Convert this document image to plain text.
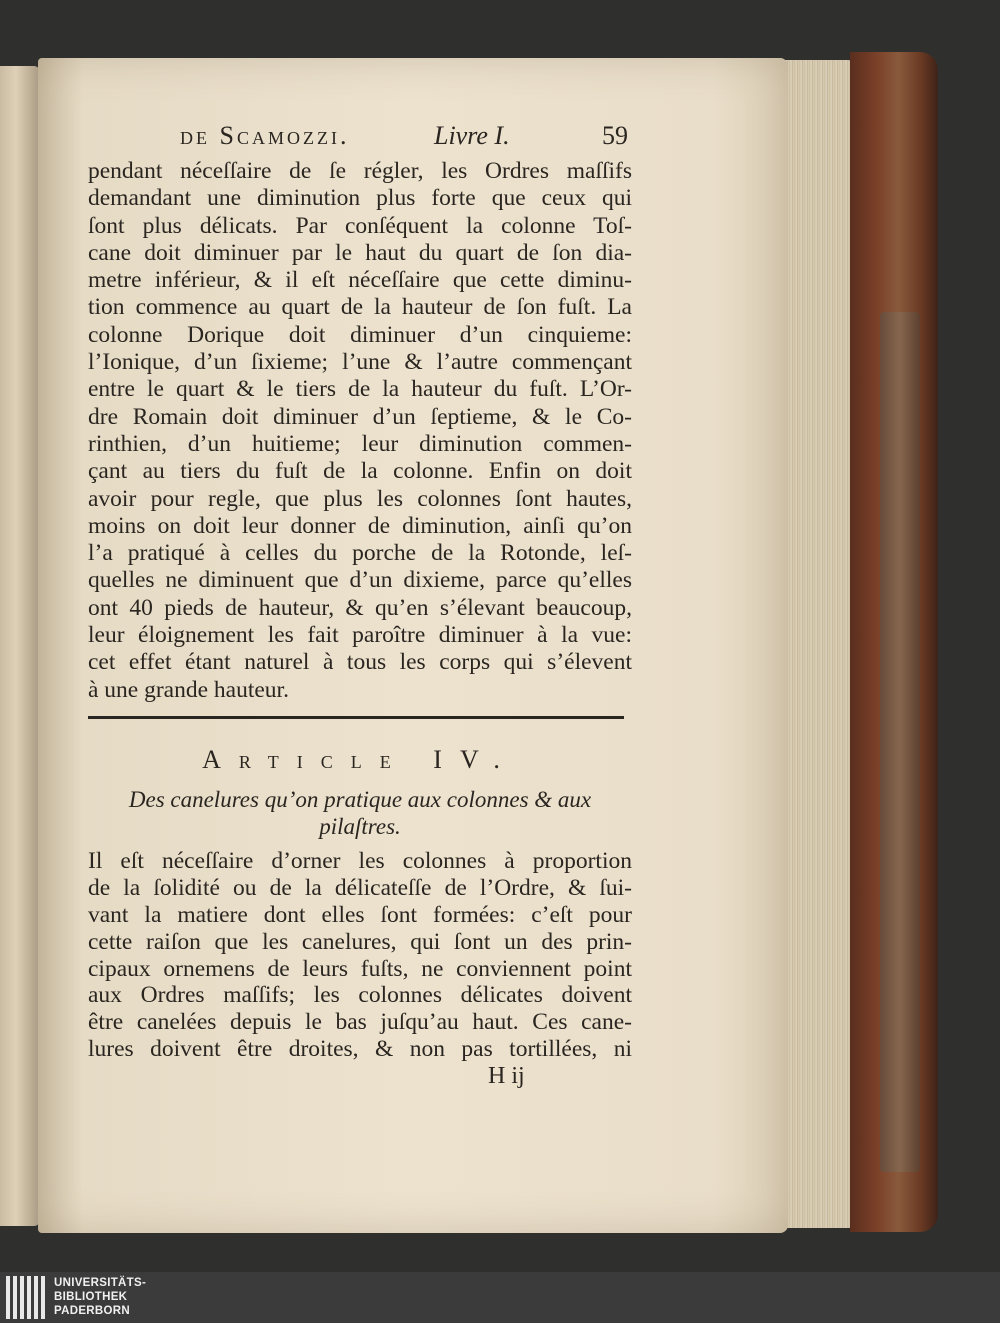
de Scamozzi.	Livre I.	59
pendant néceſſaire de ſe régler, les Ordres maſſifs
demandant une diminution plus forte que ceux qui
ſont plus délicats. Par conſéquent la colonne Toſ-
cane doit diminuer par le haut du quart de ſon dia-
metre inférieur, & il eſt néceſſaire que cette diminu-
tion commence au quart de la hauteur de ſon fuſt. La
colonne Dorique doit diminuer d’un cinquieme:
l’Ionique, d’un ſixieme; l’une & l’autre commençant
entre le quart & le tiers de la hauteur du fuſt. L’Or-
dre Romain doit diminuer d’un ſeptieme, & le Co-
rinthien, d’un huitieme; leur diminution commen-
çant au tiers du fuſt de la colonne. Enfin on doit
avoir pour regle, que plus les colonnes ſont hautes,
moins on doit leur donner de diminution, ainſi qu’on
l’a pratiqué à celles du porche de la Rotonde, leſ-
quelles ne diminuent que d’un dixieme, parce qu’elles
ont 40 pieds de hauteur, & qu’en s’élevant beaucoup,
leur éloignement les fait paroître diminuer à la vue:
cet effet étant naturel à tous les corps qui s’élevent
à une grande hauteur.
Article IV.
Des canelures qu’on pratique aux colonnes & aux pilaſtres.
Il eſt néceſſaire d’orner les colonnes à proportion
de la ſolidité ou de la délicateſſe de l’Ordre, & ſui-
vant la matiere dont elles ſont formées: c’eſt pour
cette raiſon que les canelures, qui ſont un des prin-
cipaux ornemens de leurs fuſts, ne conviennent point
aux Ordres maſſifs; les colonnes délicates doivent
être canelées depuis le bas juſqu’au haut. Ces cane-
lures doivent être droites, & non pas tortillées, ni
H ij
UNIVERSITÄTS-
BIBLIOTHEK
PADERBORN
